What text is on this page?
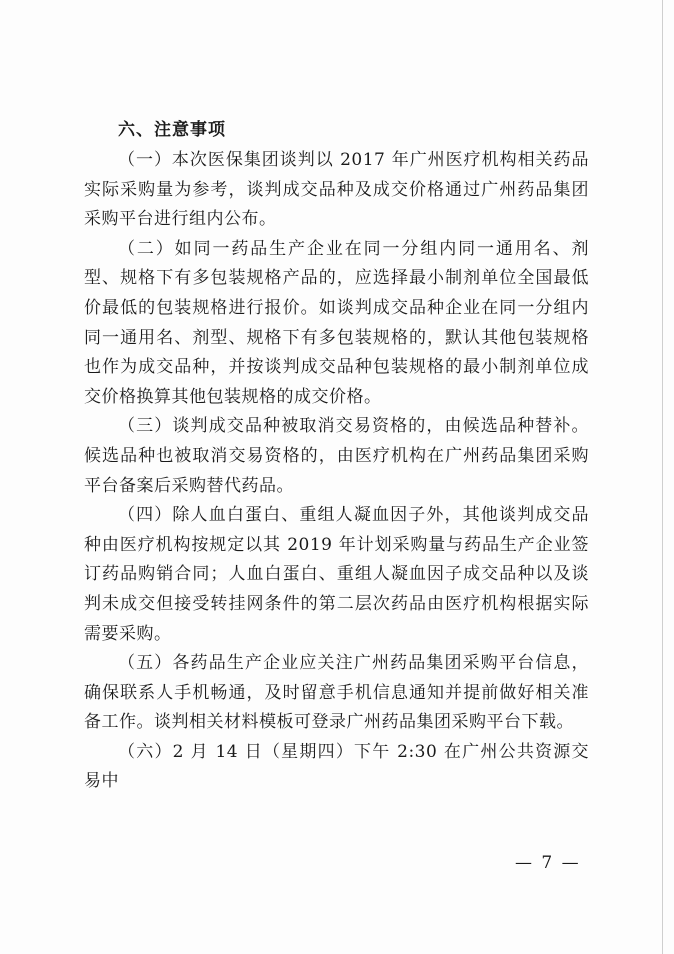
六、注意事项

（一）本次医保集团谈判以 2017 年广州医疗机构相关药品实际采购量为参考，谈判成交品种及成交价格通过广州药品集团采购平台进行组内公布。

（二）如同一药品生产企业在同一分组内同一通用名、剂型、规格下有多包装规格产品的，应选择最小制剂单位全国最低价最低的包装规格进行报价。如谈判成交品种企业在同一分组内同一通用名、剂型、规格下有多包装规格的，默认其他包装规格也作为成交品种，并按谈判成交品种包装规格的最小制剂单位成交价格换算其他包装规格的成交价格。

（三）谈判成交品种被取消交易资格的，由候选品种替补。候选品种也被取消交易资格的，由医疗机构在广州药品集团采购平台备案后采购替代药品。

（四）除人血白蛋白、重组人凝血因子外，其他谈判成交品种由医疗机构按规定以其 2019 年计划采购量与药品生产企业签订药品购销合同；人血白蛋白、重组人凝血因子成交品种以及谈判未成交但接受转挂网条件的第二层次药品由医疗机构根据实际需要采购。

（五）各药品生产企业应关注广州药品集团采购平台信息，确保联系人手机畅通，及时留意手机信息通知并提前做好相关准备工作。谈判相关材料模板可登录广州药品集团采购平台下载。

（六）2 月 14 日（星期四）下午 2:30 在广州公共资源交易中

— 7 —
